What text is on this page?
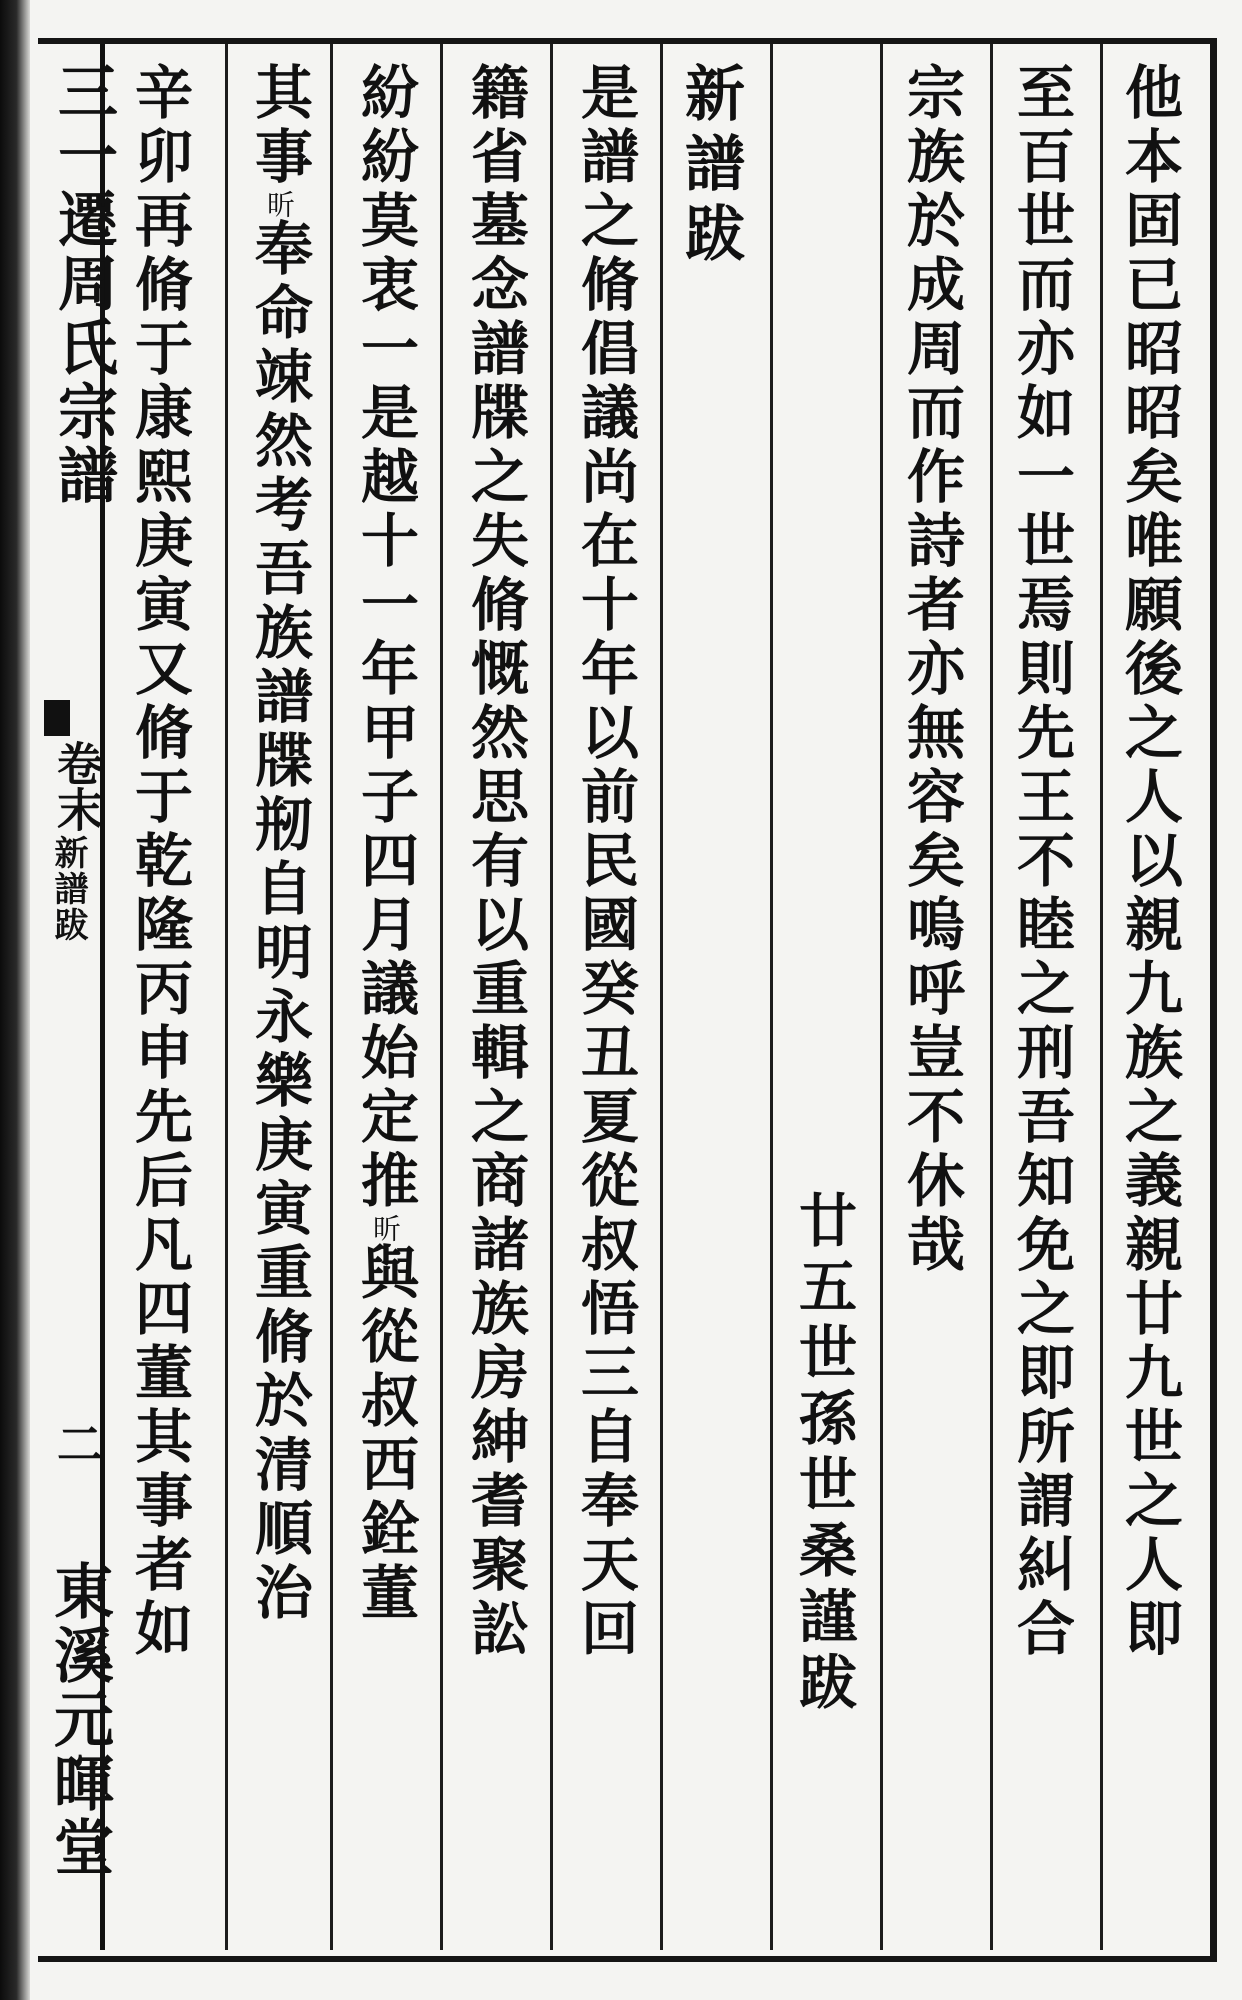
三一遷周氏宗譜
卷末
新譜跋
二
東溪元暉堂
他本固已昭昭矣唯願後之人以親九族之義親廿九世之人即
至百世而亦如一世焉則先王不睦之刑吾知免之即所謂糾合
宗族於成周而作詩者亦無容矣嗚呼豈不休哉
廿五世孫世桑謹跋
新譜跋
是譜之脩倡議尚在十年以前民國癸丑夏從叔悟三自奉天回
籍省墓念譜牒之失脩慨然思有以重輯之商諸族房紳耆聚訟
紛紛莫衷一是越十一年甲子四月議始定推昕與從叔西銓董
其事昕奉命竦然考吾族譜牒剏自明永樂庚寅重脩於清順治
辛卯再脩于康熙庚寅又脩于乾隆丙申先后凡四董其事者如
